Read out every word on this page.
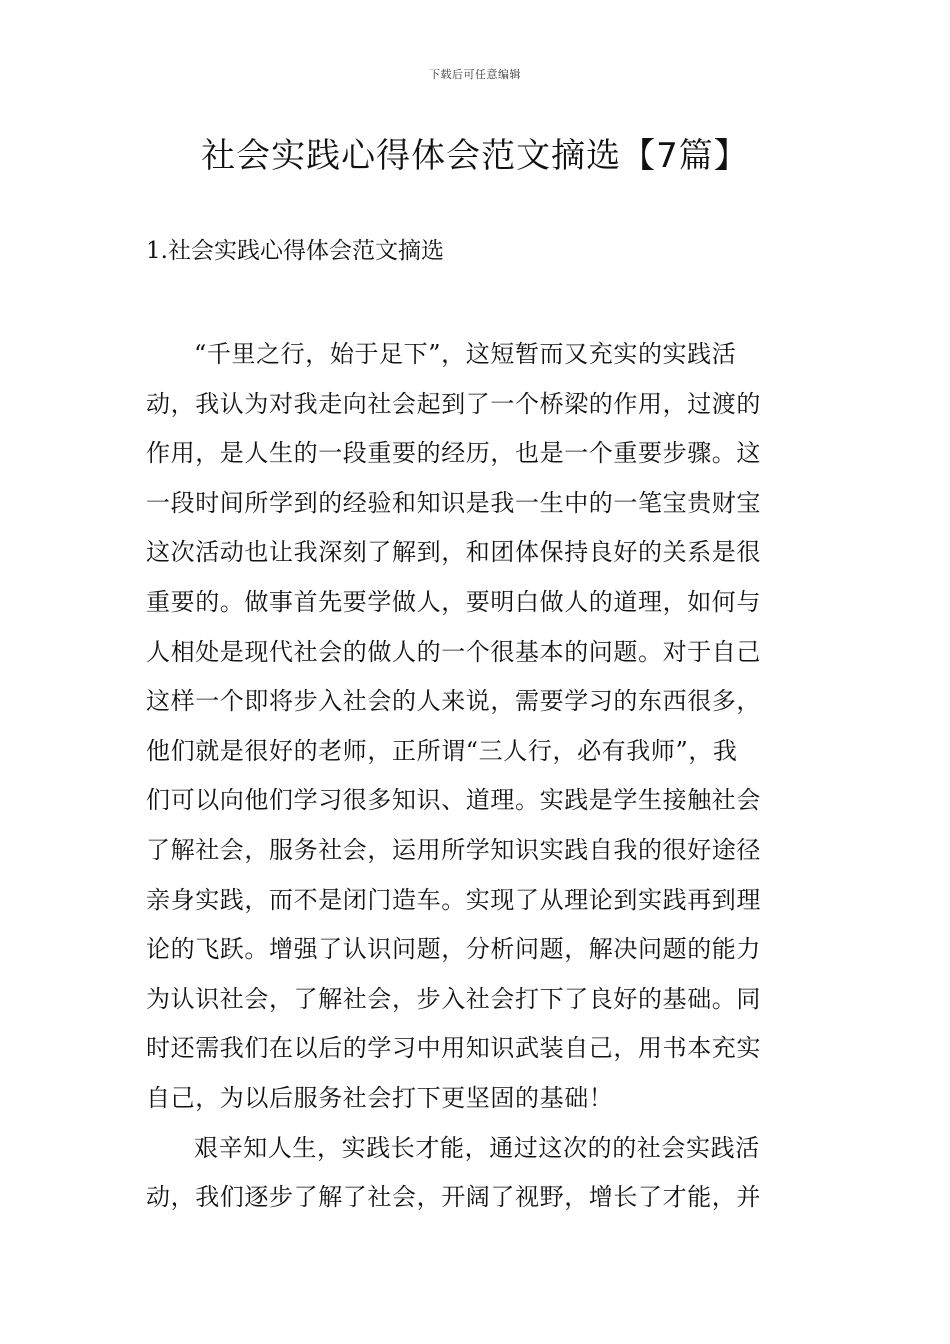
下载后可任意编辑
社会实践心得体会范文摘选【7篇】
1.社会实践心得体会范文摘选
“千里之行，始于足下”，这短暂而又充实的实践活
动，我认为对我走向社会起到了一个桥梁的作用，过渡的
作用，是人生的一段重要的经历，也是一个重要步骤。这
一段时间所学到的经验和知识是我一生中的一笔宝贵财宝
这次活动也让我深刻了解到，和团体保持良好的关系是很
重要的。做事首先要学做人，要明白做人的道理，如何与
人相处是现代社会的做人的一个很基本的问题。对于自己
这样一个即将步入社会的人来说，需要学习的东西很多，
他们就是很好的老师，正所谓“三人行，必有我师”，我
们可以向他们学习很多知识、道理。实践是学生接触社会
了解社会，服务社会，运用所学知识实践自我的很好途径
亲身实践，而不是闭门造车。实现了从理论到实践再到理
论的飞跃。增强了认识问题，分析问题，解决问题的能力
为认识社会，了解社会，步入社会打下了良好的基础。同
时还需我们在以后的学习中用知识武装自己，用书本充实
自己，为以后服务社会打下更坚固的基础！
艰辛知人生，实践长才能，通过这次的的社会实践活
动，我们逐步了解了社会，开阔了视野，增长了才能，并
